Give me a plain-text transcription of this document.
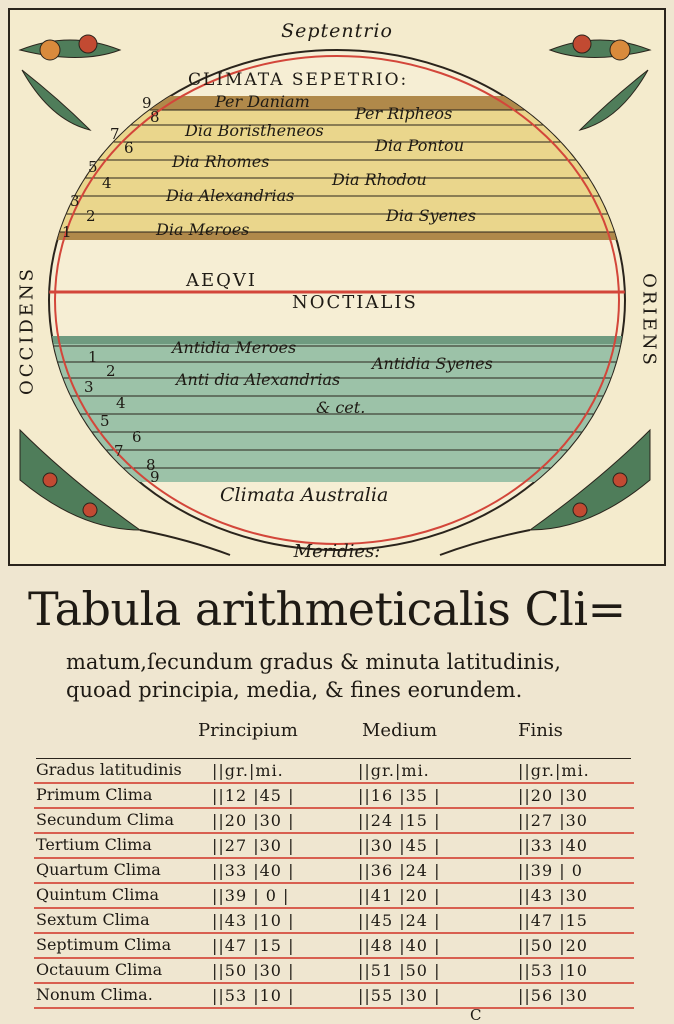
Septentrio
Meridies:
OCCIDENS	ORIENS
CLIMATA SEPETRIO:
Per Daniam
Per Ripheos
Dia Boristheneos
Dia Pontou
Dia Rhomes
Dia Rhodou
Dia Alexandrias
Dia Syenes
Dia Meroes
9
8
7
6
5
4
3
2
1
AEQVI
NOCTIALIS
Antidia Meroes
Antidia Syenes
Anti dia Alexandrias
& cet.
1
2
3
4
5
6
7
8
9
Climata Australia
Tabula arithmeticalis Cli=
matum,ſecundum gradus & minuta latitudinis,
quoad principia, media, & fines eorundem.
Principium	Medium	Finis
Gradus latitudinis ||gr.|mi.	||gr.|mi.	||gr.|mi.
Primum Clima	||12 |45 |	||16 |35 |	||20 |30
Secundum Clima ||20 |30 |	||24 |15 |	||27 |30
Tertium Clima	||27 |30 |	||30 |45 |	||33 |40
Quartum Clima	||33 |40 |	||36 |24 |	||39 | 0
Quintum Clima	||39 | 0 |	||41 |20 |	||43 |30
Sextum Clima	||43 |10 |	||45 |24 |	||47 |15
Septimum Clima	||47 |15 |	||48 |40 |	||50 |20
Octauum Clima	||50 |30 |	||51 |50 |	||53 |10
Nonum Clima.	||53 |10 |	||55 |30 |	||56 |30
C
